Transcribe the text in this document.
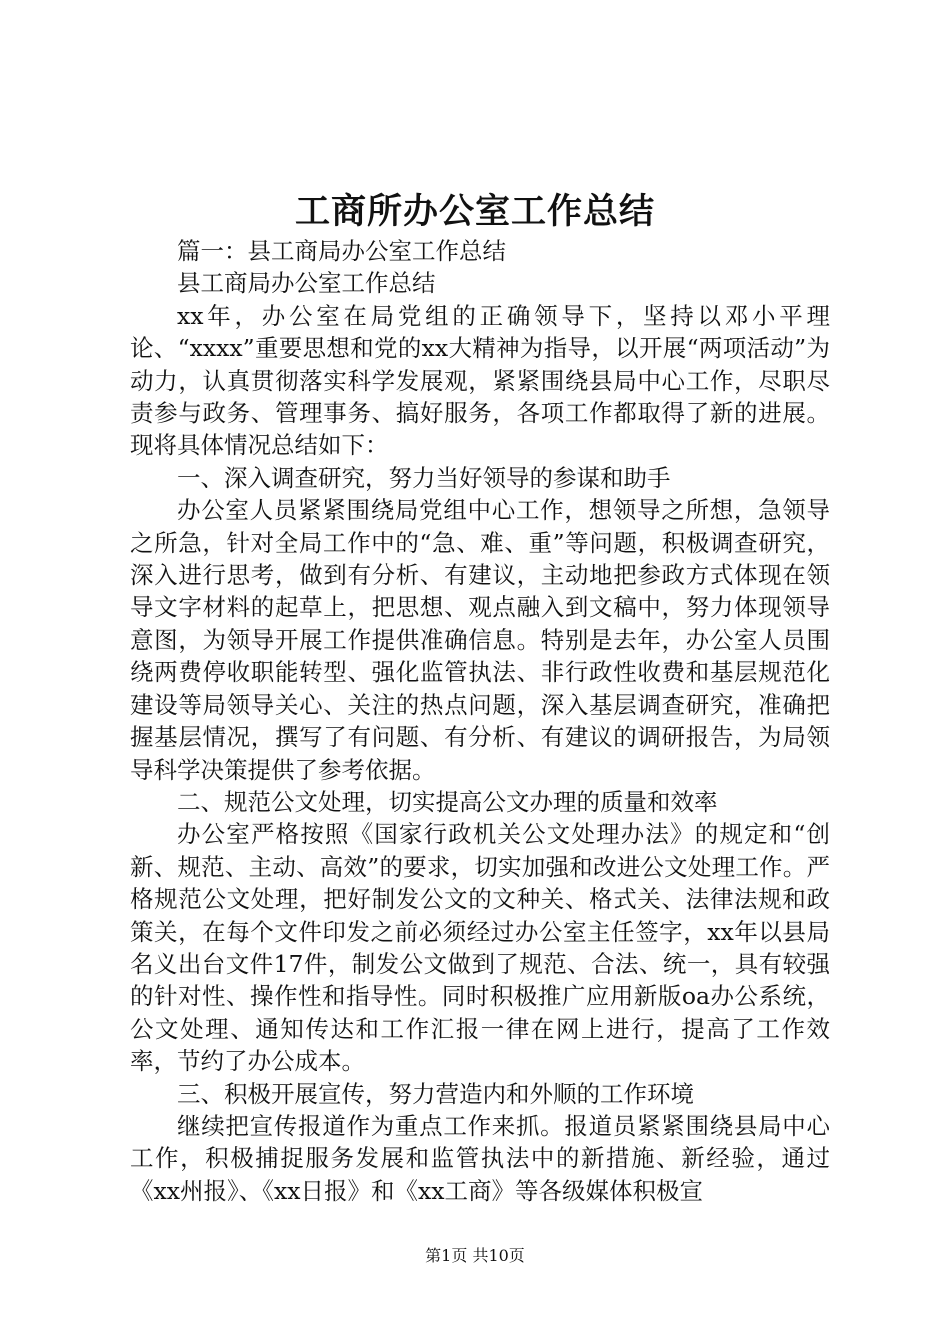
工商所办公室工作总结

篇一：县工商局办公室工作总结

县工商局办公室工作总结

xx年，办公室在局党组的正确领导下，坚持以邓小平理论、“xxxx”重要思想和党的xx大精神为指导，以开展“两项活动”为动力，认真贯彻落实科学发展观，紧紧围绕县局中心工作，尽职尽责参与政务、管理事务、搞好服务，各项工作都取得了新的进展。现将具体情况总结如下：

一、深入调查研究，努力当好领导的参谋和助手

办公室人员紧紧围绕局党组中心工作，想领导之所想，急领导之所急，针对全局工作中的“急、难、重”等问题，积极调查研究，深入进行思考，做到有分析、有建议，主动地把参政方式体现在领导文字材料的起草上，把思想、观点融入到文稿中，努力体现领导意图，为领导开展工作提供准确信息。特别是去年，办公室人员围绕两费停收职能转型、强化监管执法、非行政性收费和基层规范化建设等局领导关心、关注的热点问题，深入基层调查研究，准确把握基层情况，撰写了有问题、有分析、有建议的调研报告，为局领导科学决策提供了参考依据。

二、规范公文处理，切实提高公文办理的质量和效率

办公室严格按照《国家行政机关公文处理办法》的规定和“创新、规范、主动、高效”的要求，切实加强和改进公文处理工作。严格规范公文处理，把好制发公文的文种关、格式关、法律法规和政策关，在每个文件印发之前必须经过办公室主任签字，xx年以县局名义出台文件17件，制发公文做到了规范、合法、统一，具有较强的针对性、操作性和指导性。同时积极推广应用新版oa办公系统，公文处理、通知传达和工作汇报一律在网上进行，提高了工作效率，节约了办公成本。

三、积极开展宣传，努力营造内和外顺的工作环境

继续把宣传报道作为重点工作来抓。报道员紧紧围绕县局中心工作，积极捕捉服务发展和监管执法中的新措施、新经验，通过《xx州报》、《xx日报》和《xx工商》等各级媒体积极宣

第1页 共10页
